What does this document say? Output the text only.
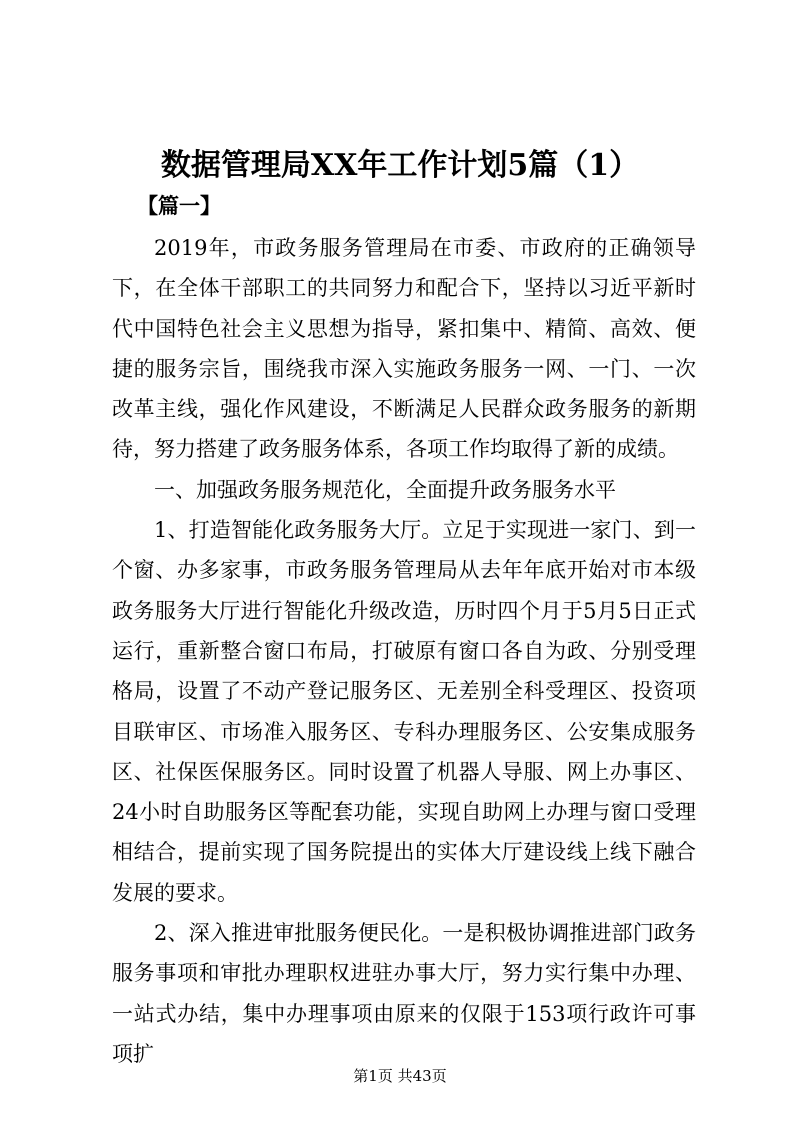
数据管理局XX年工作计划5篇（1）
【篇一】

2019年，市政务服务管理局在市委、市政府的正确领导下，在全体干部职工的共同努力和配合下，坚持以习近平新时代中国特色社会主义思想为指导，紧扣集中、精简、高效、便捷的服务宗旨，围绕我市深入实施政务服务一网、一门、一次改革主线，强化作风建设，不断满足人民群众政务服务的新期待，努力搭建了政务服务体系，各项工作均取得了新的成绩。

一、加强政务服务规范化，全面提升政务服务水平

1、打造智能化政务服务大厅。立足于实现进一家门、到一个窗、办多家事，市政务服务管理局从去年年底开始对市本级政务服务大厅进行智能化升级改造，历时四个月于5月5日正式运行，重新整合窗口布局，打破原有窗口各自为政、分别受理格局，设置了不动产登记服务区、无差别全科受理区、投资项目联审区、市场准入服务区、专科办理服务区、公安集成服务区、社保医保服务区。同时设置了机器人导服、网上办事区、24小时自助服务区等配套功能，实现自助网上办理与窗口受理相结合，提前实现了国务院提出的实体大厅建设线上线下融合发展的要求。

2、深入推进审批服务便民化。一是积极协调推进部门政务服务事项和审批办理职权进驻办事大厅，努力实行集中办理、一站式办结，集中办理事项由原来的仅限于153项行政许可事项扩

第1页 共43页
